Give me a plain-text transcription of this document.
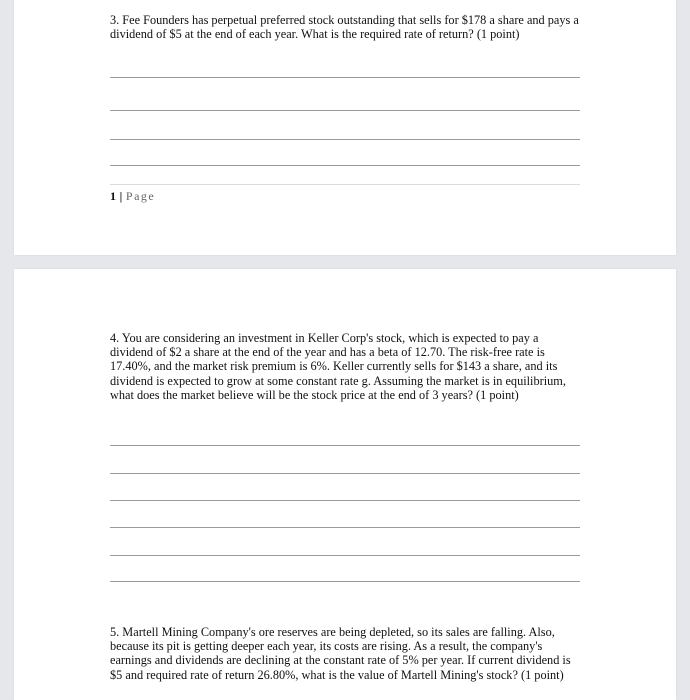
3. Fee Founders has perpetual preferred stock outstanding that sells for $178 a share and pays a dividend of $5 at the end of each year. What is the required rate of return? (1 point)

1 | Page

4. You are considering an investment in Keller Corp's stock, which is expected to pay a dividend of $2 a share at the end of the year and has a beta of 12.70. The risk-free rate is 17.40%, and the market risk premium is 6%. Keller currently sells for $143 a share, and its dividend is expected to grow at some constant rate g. Assuming the market is in equilibrium, what does the market believe will be the stock price at the end of 3 years? (1 point)

5. Martell Mining Company's ore reserves are being depleted, so its sales are falling. Also, because its pit is getting deeper each year, its costs are rising. As a result, the company's earnings and dividends are declining at the constant rate of 5% per year. If current dividend is $5 and required rate of return 26.80%, what is the value of Martell Mining's stock? (1 point)
